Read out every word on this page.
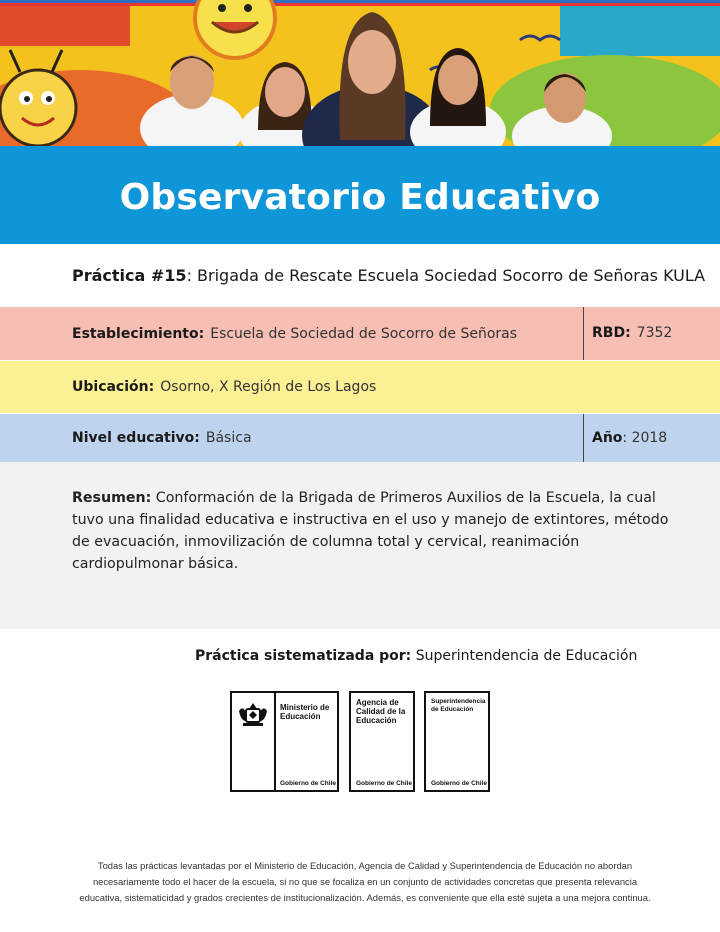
Observatorio Educativo
Práctica #15: Brigada de Rescate Escuela Sociedad Socorro de Señoras KULA
Establecimiento: Escuela de Sociedad de Socorro de Señoras	RBD: 7352
Ubicación: Osorno, X Región de Los Lagos
Nivel educativo: Básica	Año : 2018
Resumen: Conformación de la Brigada de Primeros Auxilios de la Escuela, la cual tuvo una finalidad educativa e instructiva en el uso y manejo de extintores, método de evacuación, inmovilización de columna total y cervical, reanimación cardiopulmonar básica.
Práctica sistematizada por: Superintendencia de Educación
Ministerio de
Educación
Gobierno de Chile
Agencia de
Calidad de la
Educación
Gobierno de Chile
Superintendencia
de Educación
Gobierno de Chile
Todas las prácticas levantadas por el Ministerio de Educación, Agencia de Calidad y Superintendencia de Educación no abordan
necesariamente todo el hacer de la escuela, si no que se focaliza en un conjunto de actividades concretas que presenta relevancia
educativa, sistematicidad y grados crecientes de institucionalización. Además, es conveniente que ella esté sujeta a una mejora continua.
